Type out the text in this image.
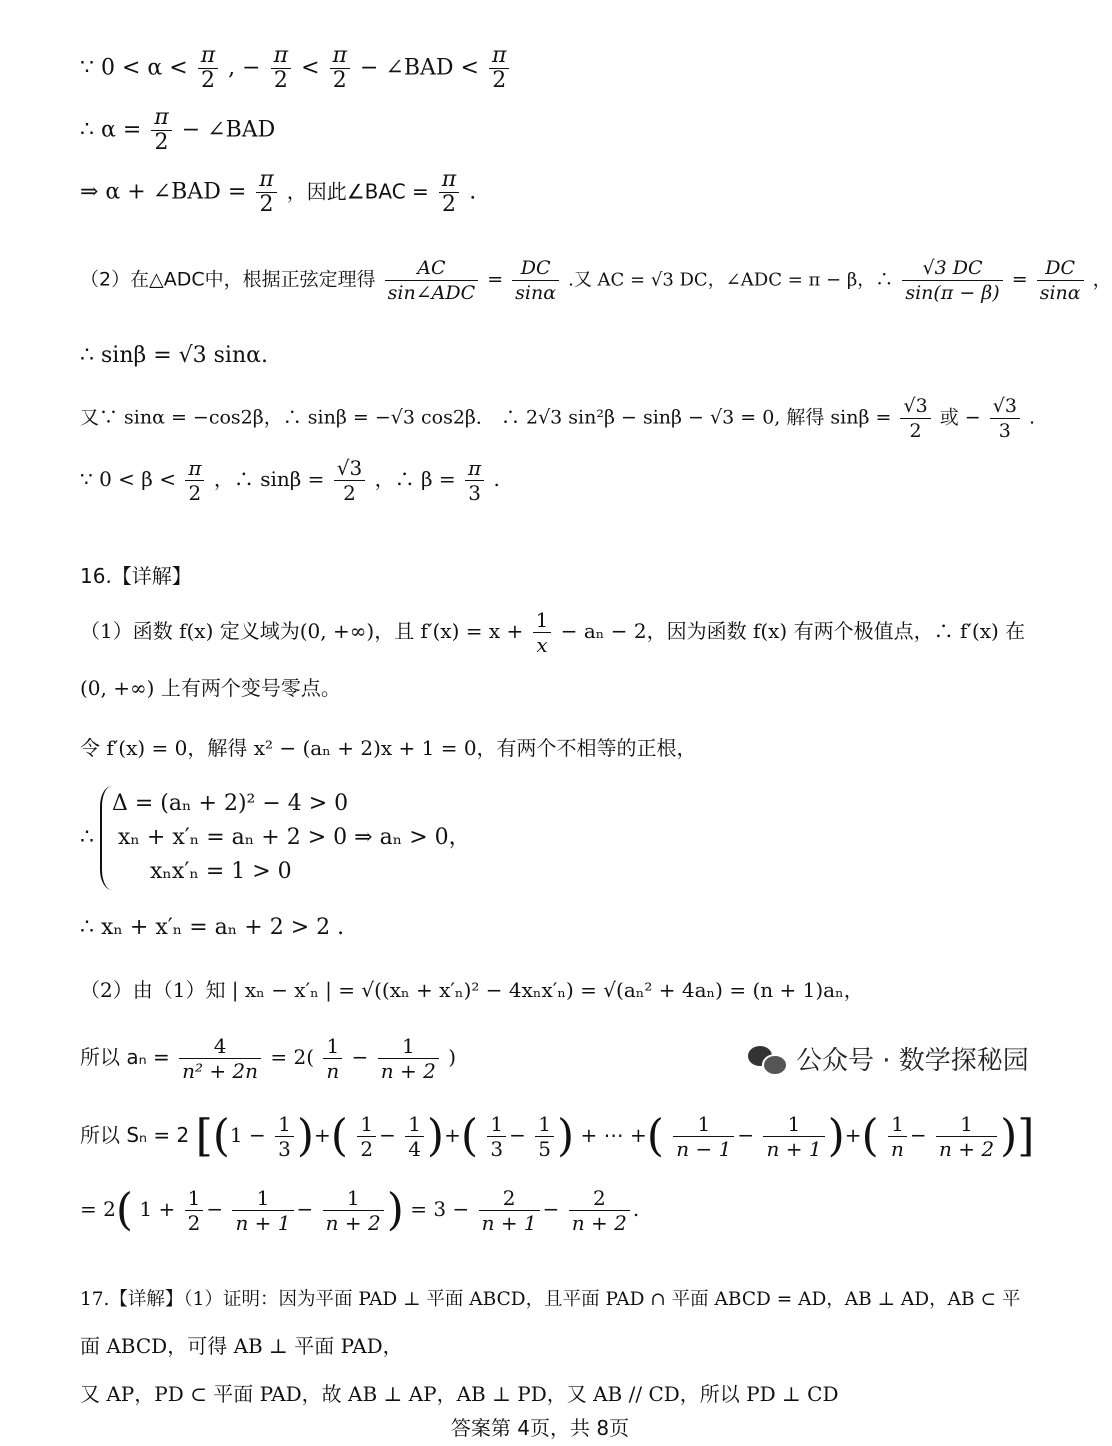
∵ $0 < \alpha < \frac{\pi}{2}$ , − $\frac{\pi}{2} < \frac{\pi}{2}$ − ∠BAD < $\frac{\pi}{2}$
∴ $\alpha = \frac{\pi}{2}$ − ∠BAD
⇒ α + ∠BAD = $\frac{\pi}{2}$ ，因此∠BAC = $\frac{\pi}{2}$ .
（2）在△ADC中，根据正弦定理得 $\frac{AC}{\text{sin∠ADC}} = \frac{DC}{\sin\alpha}$ .又 AC = √3 DC，∠ADC = π − β，∴ $\frac{√3 DC}{\sin(\pi - \beta)} = \frac{DC}{\sin\alpha}$ ，
∴ sinβ = √3 sinα.
又∵ sinα = −cos2β，∴ sinβ = −√3 cos2β． ∴ 2√3 sin²β − sinβ − √3 = 0, 解得 $\sin\beta = \frac{√3}{2}$ 或 − $\frac{√3}{3}$ .
∵ $0 < \beta < \frac{\pi}{2}$ ，∴ $\sin\beta = \frac{√3}{2}$ ，∴ $\beta = \frac{\pi}{3}$ .
16.【详解】
（1）函数 f(x) 定义域为(0, +∞)，且 $f'(x) = x + \frac{1}{x} - a_n - 2$，因为函数 f(x) 有两个极值点，∴ f′(x) 在
(0, +∞) 上有两个变号零点。
令 f′(x) = 0，解得 x² − (aₙ + 2)x + 1 = 0，有两个不相等的正根，
∴
Δ = (aₙ + 2)² − 4 > 0
xₙ + x′ₙ = aₙ + 2 > 0 ⇒ aₙ > 0，
xₙx′ₙ = 1 > 0
∴ xₙ + x′ₙ = aₙ + 2 > 2 .
（2）由（1）知 | xₙ − x′ₙ | = √((xₙ + x′ₙ)² − 4xₙx′ₙ) = √(aₙ² + 4aₙ) = (n + 1)aₙ，
所以 $a_n = \frac{4}{\text{n² + 2n}} = 2( \frac{1}{n} - \frac{1}{n + 2}$ )
所以 Sₙ = 2 [($1 - \frac{1}{3}$ )+( $\frac{1}{2} - \frac{1}{4}$ )+( $\frac{1}{3} - \frac{1}{5}$ ) + ⋯ +( $\frac{1}{n - 1} - \frac{1}{n + 1}$ )+( $\frac{1}{n} - \frac{1}{n + 2}$ )]
= 2( $1 + \frac{1}{2} - \frac{1}{n + 1} - \frac{1}{n + 2}$ ) = $3 - \frac{2}{n + 1} - \frac{2}{n + 2}$ .
17.【详解】（1）证明：因为平面 PAD ⊥ 平面 ABCD，且平面 PAD ∩ 平面 ABCD = AD，AB ⊥ AD，AB ⊂ 平
面 ABCD，可得 AB ⊥ 平面 PAD，
又 AP，PD ⊂ 平面 PAD，故 AB ⊥ AP，AB ⊥ PD，又 AB // CD，所以 PD ⊥ CD
公众号 · 数学探秘园
答案第 4页，共 8页
